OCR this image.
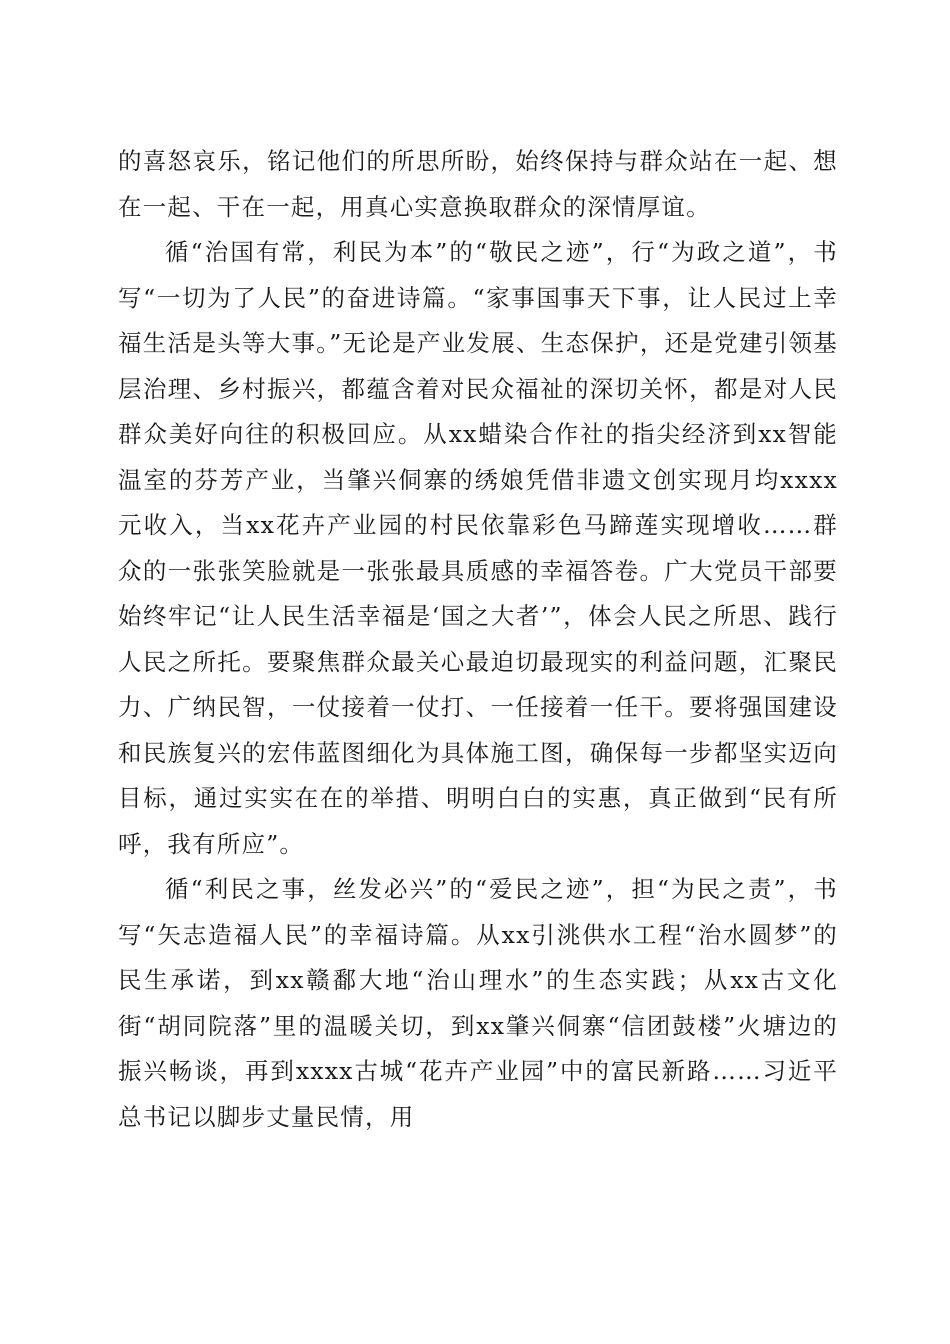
的喜怒哀乐，铭记他们的所思所盼，始终保持与群众站在一起、想在一起、干在一起，用真心实意换取群众的深情厚谊。

循“治国有常，利民为本”的“敬民之迹”，行“为政之道”，书写“一切为了人民”的奋进诗篇。“家事国事天下事，让人民过上幸福生活是头等大事。”无论是产业发展、生态保护，还是党建引领基层治理、乡村振兴，都蕴含着对民众福祉的深切关怀，都是对人民群众美好向往的积极回应。从xx蜡染合作社的指尖经济到xx智能温室的芬芳产业，当肇兴侗寨的绣娘凭借非遗文创实现月均xxxx元收入，当xx花卉产业园的村民依靠彩色马蹄莲实现增收……群众的一张张笑脸就是一张张最具质感的幸福答卷。广大党员干部要始终牢记“让人民生活幸福是‘国之大者’”，体会人民之所思、践行人民之所托。要聚焦群众最关心最迫切最现实的利益问题，汇聚民力、广纳民智，一仗接着一仗打、一任接着一任干。要将强国建设和民族复兴的宏伟蓝图细化为具体施工图，确保每一步都坚实迈向目标，通过实实在在的举措、明明白白的实惠，真正做到“民有所呼，我有所应”。

循“利民之事，丝发必兴”的“爱民之迹”，担“为民之责”，书写“矢志造福人民”的幸福诗篇。从xx引洮供水工程“治水圆梦”的民生承诺，到xx赣鄱大地“治山理水”的生态实践；从xx古文化街“胡同院落”里的温暖关切，到xx肇兴侗寨“信团鼓楼”火塘边的振兴畅谈，再到xxxx古城“花卉产业园”中的富民新路……习近平总书记以脚步丈量民情，用
